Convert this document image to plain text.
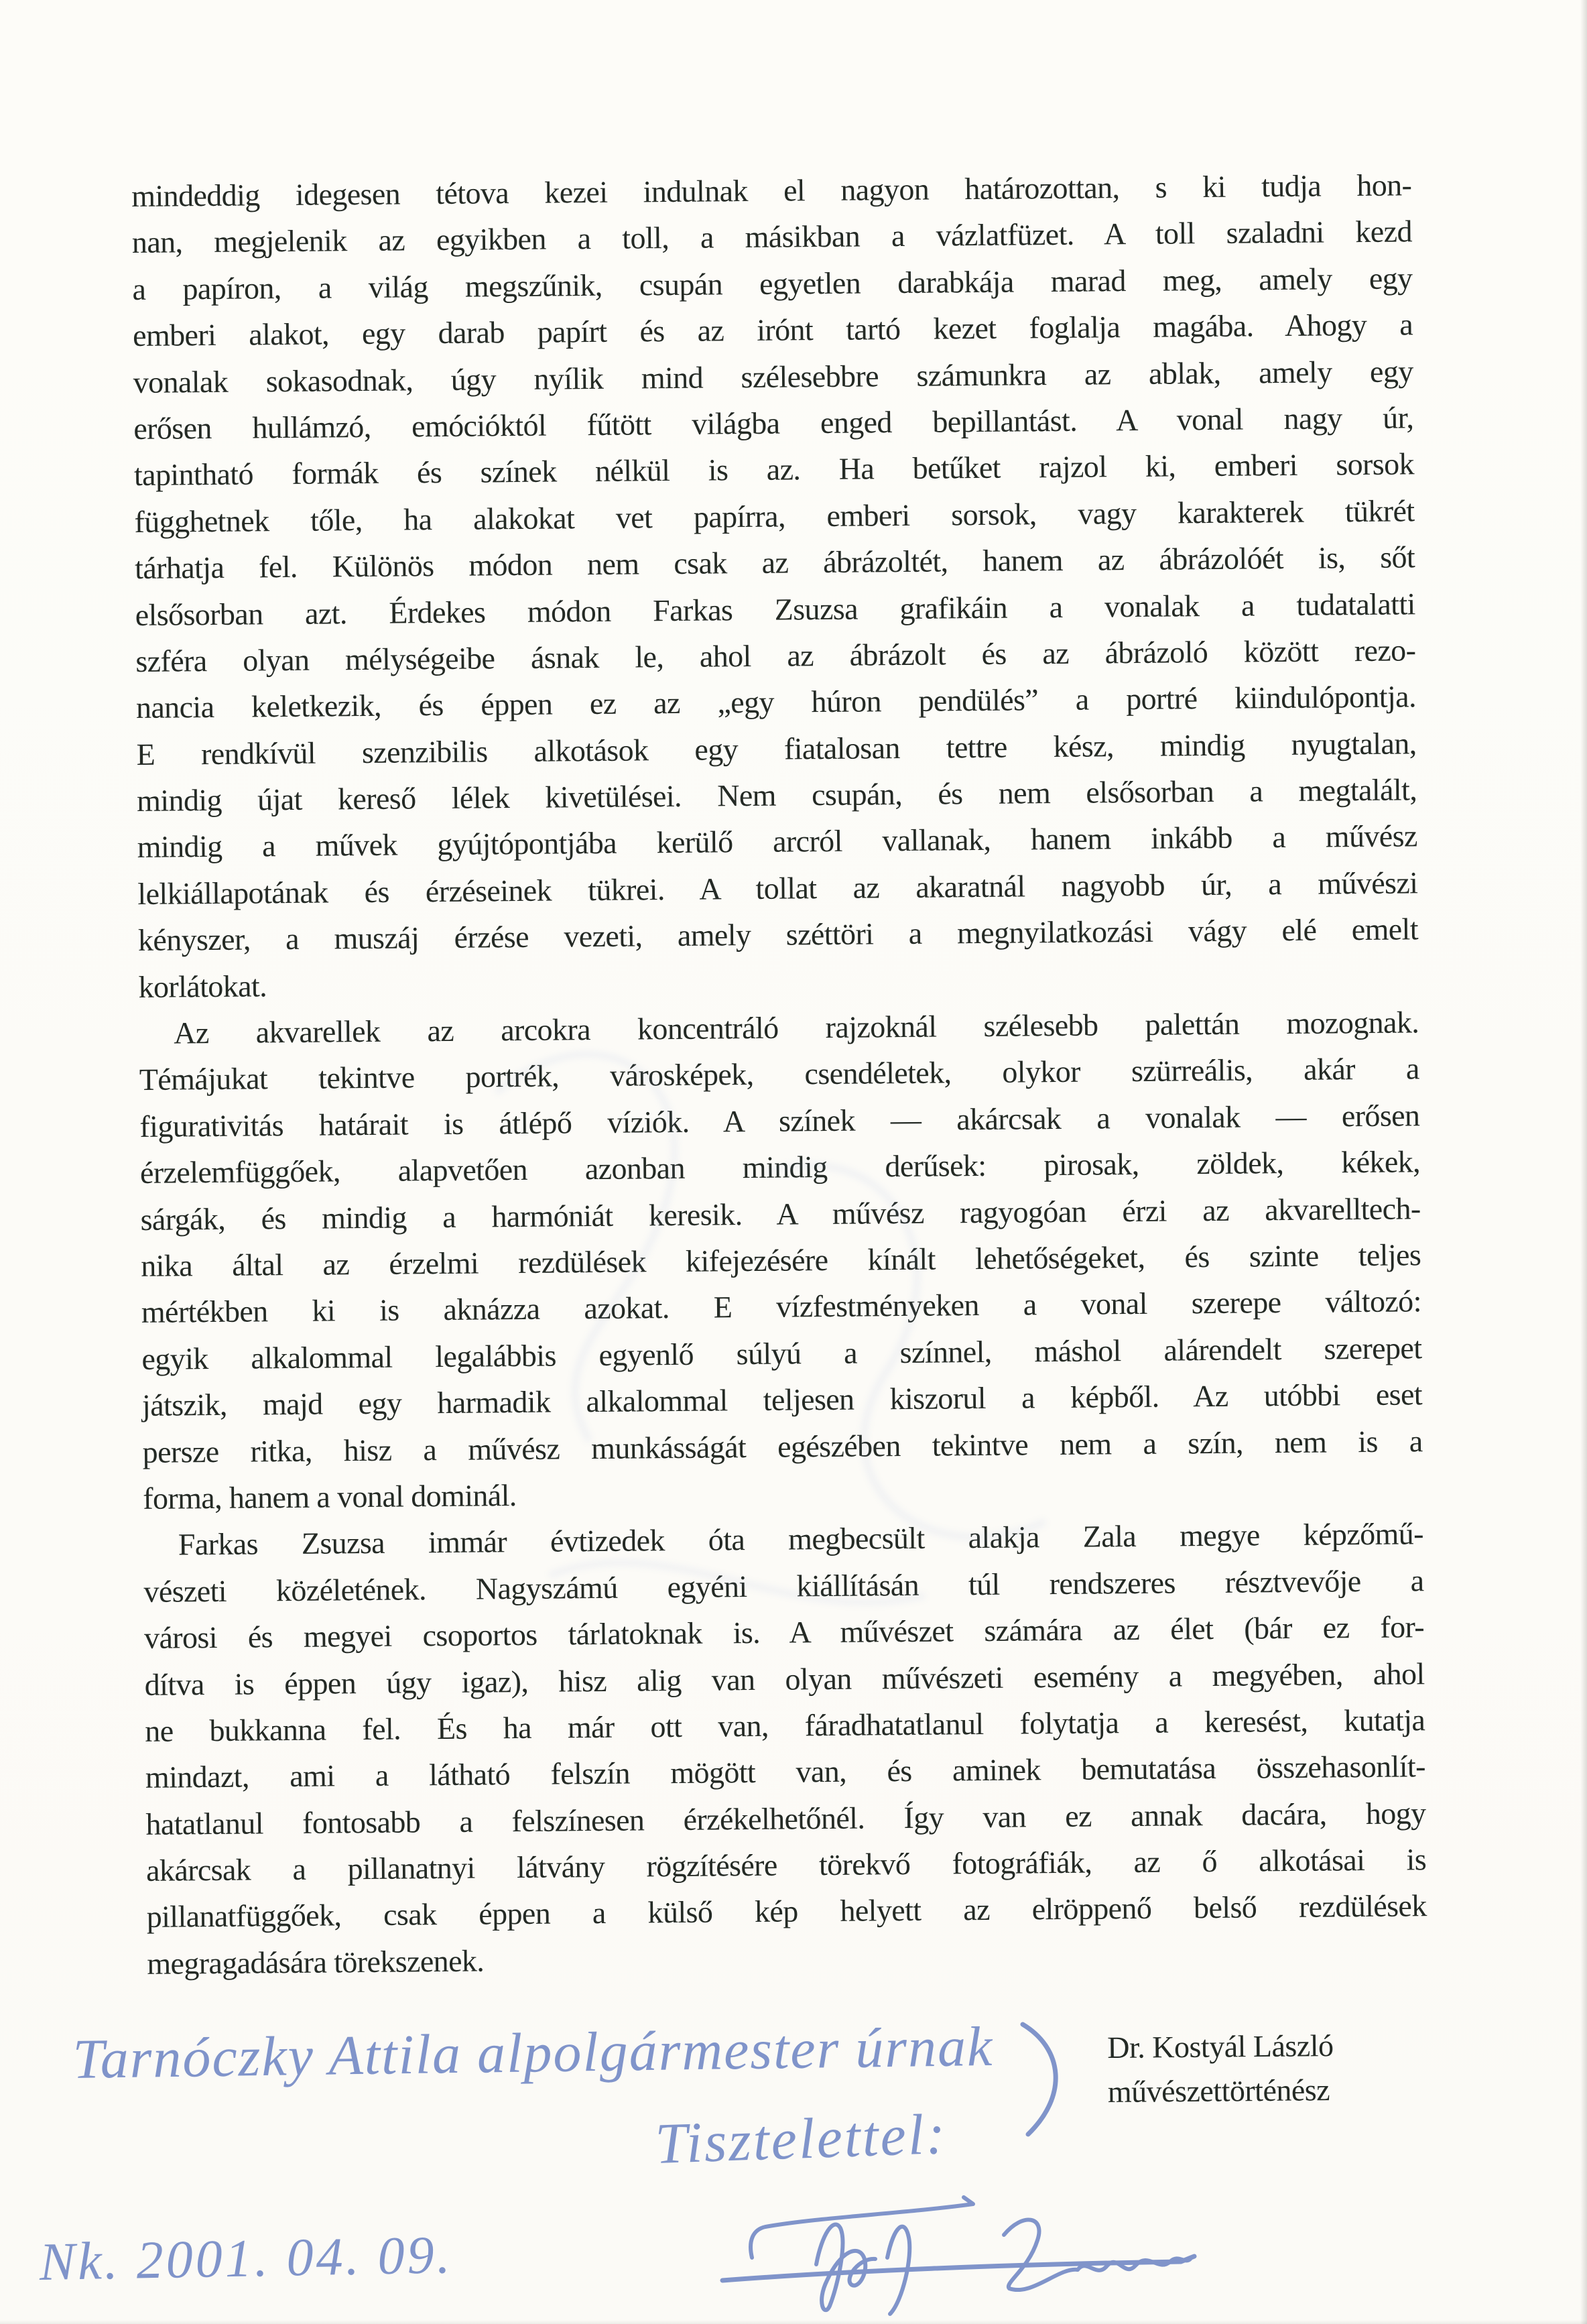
mindeddig idegesen tétova kezei indulnak el nagyon határozottan, s ki tudja hon-
nan, megjelenik az egyikben a toll, a másikban a vázlatfüzet. A toll szaladni kezd
a papíron, a világ megszűnik, csupán egyetlen darabkája marad meg, amely egy
emberi alakot, egy darab papírt és az irónt tartó kezet foglalja magába. Ahogy a
vonalak sokasodnak, úgy nyílik mind szélesebbre számunkra az ablak, amely egy
erősen hullámzó, emócióktól fűtött világba enged bepillantást. A vonal nagy úr,
tapintható formák és színek nélkül is az. Ha betűket rajzol ki, emberi sorsok
függhetnek tőle, ha alakokat vet papírra, emberi sorsok, vagy karakterek tükrét
tárhatja fel. Különös módon nem csak az ábrázoltét, hanem az ábrázolóét is, sőt
elsősorban azt. Érdekes módon Farkas Zsuzsa grafikáin a vonalak a tudatalatti
szféra olyan mélységeibe ásnak le, ahol az ábrázolt és az ábrázoló között rezo-
nancia keletkezik, és éppen ez az „egy húron pendülés” a portré kiindulópontja.
E rendkívül szenzibilis alkotások egy fiatalosan tettre kész, mindig nyugtalan,
mindig újat kereső lélek kivetülései. Nem csupán, és nem elsősorban a megtalált,
mindig a művek gyújtópontjába kerülő arcról vallanak, hanem inkább a művész
lelkiállapotának és érzéseinek tükrei. A tollat az akaratnál nagyobb úr, a művészi
kényszer, a muszáj érzése vezeti, amely széttöri a megnyilatkozási vágy elé emelt
korlátokat.
Az akvarellek az arcokra koncentráló rajzoknál szélesebb palettán mozognak.
Témájukat tekintve portrék, városképek, csendéletek, olykor szürreális, akár a
figurativitás határait is átlépő víziók. A színek — akárcsak a vonalak — erősen
érzelemfüggőek, alapvetően azonban mindig derűsek: pirosak, zöldek, kékek,
sárgák, és mindig a harmóniát keresik. A művész ragyogóan érzi az akvarelltech-
nika által az érzelmi rezdülések kifejezésére kínált lehetőségeket, és szinte teljes
mértékben ki is aknázza azokat. E vízfestményeken a vonal szerepe változó:
egyik alkalommal legalábbis egyenlő súlyú a színnel, máshol alárendelt szerepet
játszik, majd egy harmadik alkalommal teljesen kiszorul a képből. Az utóbbi eset
persze ritka, hisz a művész munkásságát egészében tekintve nem a szín, nem is a
forma, hanem a vonal dominál.
Farkas Zsuzsa immár évtizedek óta megbecsült alakja Zala megye képzőmű-
vészeti közéletének. Nagyszámú egyéni kiállításán túl rendszeres résztvevője a
városi és megyei csoportos tárlatoknak is. A művészet számára az élet (bár ez for-
dítva is éppen úgy igaz), hisz alig van olyan művészeti esemény a megyében, ahol
ne bukkanna fel. És ha már ott van, fáradhatatlanul folytatja a keresést, kutatja
mindazt, ami a látható felszín mögött van, és aminek bemutatása összehasonlít-
hatatlanul fontosabb a felszínesen érzékelhetőnél. Így van ez annak dacára, hogy
akárcsak a pillanatnyi látvány rögzítésére törekvő fotográfiák, az ő alkotásai is
pillanatfüggőek, csak éppen a külső kép helyett az elröppenő belső rezdülések
megragadására törekszenek.
Dr. Kostyál László
művészettörténész
Tarnóczky Attila alpolgármester úrnak
Tisztelettel:
Nk. 2001. 04. 09.
